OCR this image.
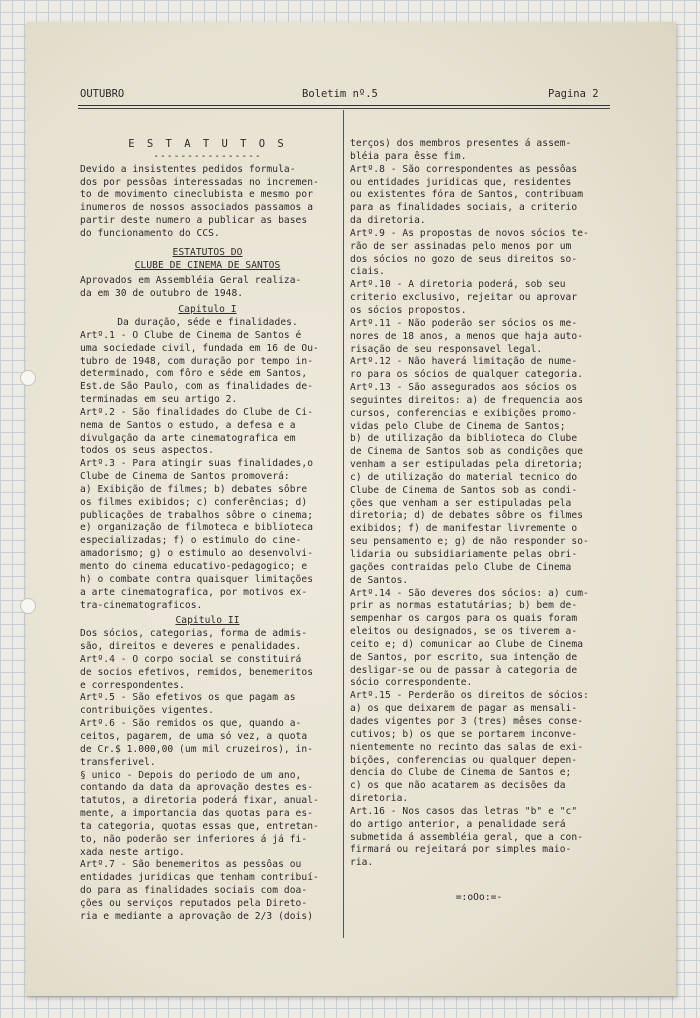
OUTUBRO	Boletim nº.5	Pagina 2

E S T A T U T O S

----------------

Devido a insistentes pedidos formula-

dos por pessôas interessadas no incremen-

to de movimento cineclubista e mesmo por

inumeros de nossos associados passamos a

partir deste numero a publicar as bases

do funcionamento do CCS.

ESTATUTOS DO

CLUBE DE CINEMA DE SANTOS

Aprovados em Assembléia Geral realiza-

da em 30 de outubro de 1948.

Capitulo I

Da duração, séde e finalidades.

Artº.1 - O Clube de Cinema de Santos é

uma sociedade civil, fundada em 16 de Ou-

tubro de 1948, com duração por tempo in-

determinado, com fôro e séde em Santos,

Est.de São Paulo, com as finalidades de-

terminadas em seu artigo 2.

Artº.2 - São finalidades do Clube de Ci-

nema de Santos o estudo, a defesa e a

divulgação da arte cinematografica em

todos os seus aspectos.

Artº.3 - Para atingir suas finalidades,o

Clube de Cinema de Santos promoverá:

a) Exibição de filmes; b) debates sôbre

os filmes exibidos; c) conferências; d)

publicações de trabalhos sôbre o cinema;

e) organização de filmoteca e biblioteca

especializadas; f) o estimulo do cine-

amadorismo; g) o estimulo ao desenvolvi-

mento do cinema educativo-pedagogico; e

h) o combate contra quaisquer limitações

a arte cinematografica, por motivos ex-

tra-cinematograficos.

Capitulo II

Dos sócios, categorias, forma de admis-

são, direitos e deveres e penalidades.

Artº.4 - O corpo social se constituirá

de socios efetivos, remidos, benemeritos

e correspondentes.

Artº.5 - São efetivos os que pagam as

contribuições vigentes.

Artº.6 - São remidos os que, quando a-

ceitos, pagarem, de uma só vez, a quota

de Cr.$ 1.000,00 (um mil cruzeiros), in-

transferivel.

§ unico - Depois do periodo de um ano,

contando da data da aprovação destes es-

tatutos, a diretoria poderá fixar, anual-

mente, a importancia das quotas para es-

ta categoria, quotas essas que, entretan-

to, não poderão ser inferiores á já fi-

xada neste artigo.

Artº.7 - São benemeritos as pessôas ou

entidades juridicas que tenham contribuí-

do para as finalidades sociais com doa-

ções ou serviços reputados pela Direto-

ria e mediante a aprovação de 2/3 (dois)

terços) dos membros presentes á assem-

bléia para êsse fim.

Artº.8 - São correspondentes as pessôas

ou entidades juridicas que, residentes

ou existentes fóra de Santos, contribuam

para as finalidades sociais, a criterio

da diretoria.

Artº.9 - As propostas de novos sócios te-

rão de ser assinadas pelo menos por um

dos sócios no gozo de seus direitos so-

ciais.

Artº.10 - A diretoria poderá, sob seu

criterio exclusivo, rejeitar ou aprovar

os sócios propostos.

Artº.11 - Não poderão ser sócios os me-

nores de 18 anos, a menos que haja auto-

risação de seu responsavel legal.

Artº.12 - Não haverá limitação de nume-

ro para os sócios de qualquer categoria.

Artº.13 - São assegurados aos sócios os

seguintes direitos: a) de frequencia aos

cursos, conferencias e exibições promo-

vidas pelo Clube de Cinema de Santos;

b) de utilização da biblioteca do Clube

de Cinema de Santos sob as condições que

venham a ser estipuladas pela diretoria;

c) de utilização do material tecnico do

Clube de Cinema de Santos sob as condi-

ções que venham a ser estipuladas pela

diretoria; d) de debates sôbre os filmes

exibidos; f) de manifestar livremente o

seu pensamento e; g) de não responder so-

lidaria ou subsidiariamente pelas obri-

gações contraidas pelo Clube de Cinema

de Santos.

Artº.14 - São deveres dos sócios: a) cum-

prir as normas estatutárias; b) bem de-

sempenhar os cargos para os quais foram

eleitos ou designados, se os tiverem a-

ceito e; d) comunicar ao Clube de Cinema

de Santos, por escrito, sua intenção de

desligar-se ou de passar à categoria de

sócio correspondente.

Artº.15 - Perderão os direitos de sócios:

a) os que deixarem de pagar as mensali-

dades vigentes por 3 (tres) mêses conse-

cutivos; b) os que se portarem inconve-

nientemente no recinto das salas de exi-

bições, conferencias ou qualquer depen-

dencia do Clube de Cinema de Santos e;

c) os que não acatarem as decisões da

diretoria.

Art.16 - Nos casos das letras "b" e "c"

do artigo anterior, a penalidade será

submetida á assembléia geral, que a con-

firmará ou rejeitará por simples maio-

ria.

=:oOo:=-
